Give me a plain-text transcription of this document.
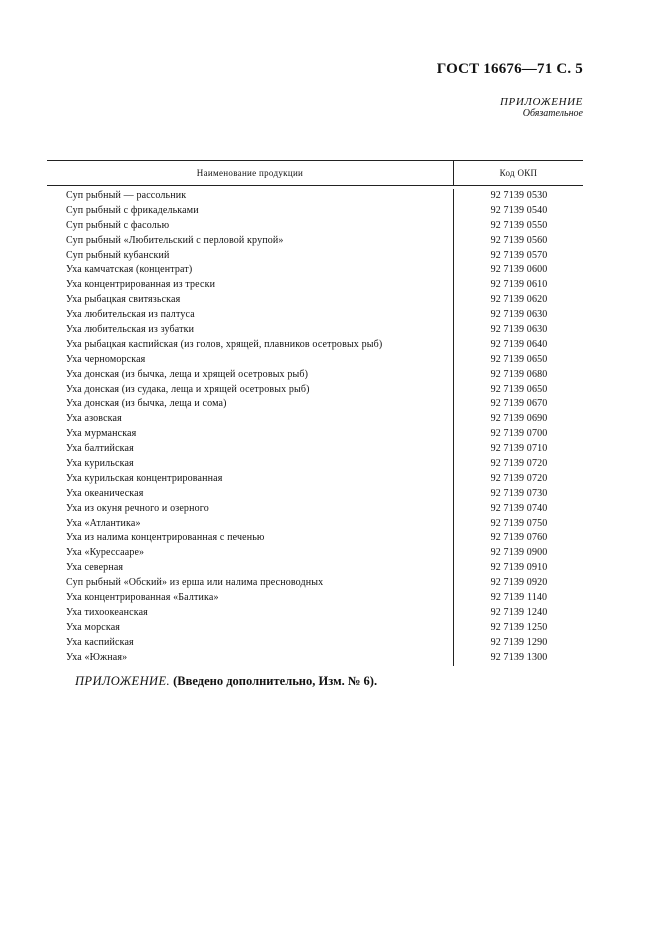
ГОСТ 16676—71 С. 5
ПРИЛОЖЕНИЕ
Обязательное
Наименование продукции	Код ОКП
Суп рыбный — рассольник
Суп рыбный с фрикадельками
Суп рыбный с фасолью
Суп рыбный «Любительский с перловой крупой»
Суп рыбный кубанский
Уха камчатская (концентрат)
Уха концентрированная из трески
Уха рыбацкая свитязьская
Уха любительская из палтуса
Уха любительская из зубатки
Уха рыбацкая каспийская (из голов, хрящей, плавников осетровых рыб)
Уха черноморская
Уха донская (из бычка, леща и хрящей осетровых рыб)
Уха донская (из судака, леща и хрящей осетровых рыб)
Уха донская (из бычка, леща и сома)
Уха азовская
Уха мурманская
Уха балтийская
Уха курильская
Уха курильская концентрированная
Уха океаническая
Уха из окуня речного и озерного
Уха «Атлантика»
Уха из налима концентрированная с печенью
Уха «Курессааре»
Уха северная
Суп рыбный «Обский» из ерша или налима пресноводных
Уха концентрированная «Балтика»
Уха тихоокеанская
Уха морская
Уха каспийская
Уха «Южная»
92 7139 0530
92 7139 0540
92 7139 0550
92 7139 0560
92 7139 0570
92 7139 0600
92 7139 0610
92 7139 0620
92 7139 0630
92 7139 0630
92 7139 0640
92 7139 0650
92 7139 0680
92 7139 0650
92 7139 0670
92 7139 0690
92 7139 0700
92 7139 0710
92 7139 0720
92 7139 0720
92 7139 0730
92 7139 0740
92 7139 0750
92 7139 0760
92 7139 0900
92 7139 0910
92 7139 0920
92 7139 1140
92 7139 1240
92 7139 1250
92 7139 1290
92 7139 1300
ПРИЛОЖЕНИЕ. (Введено дополнительно, Изм. № 6).
